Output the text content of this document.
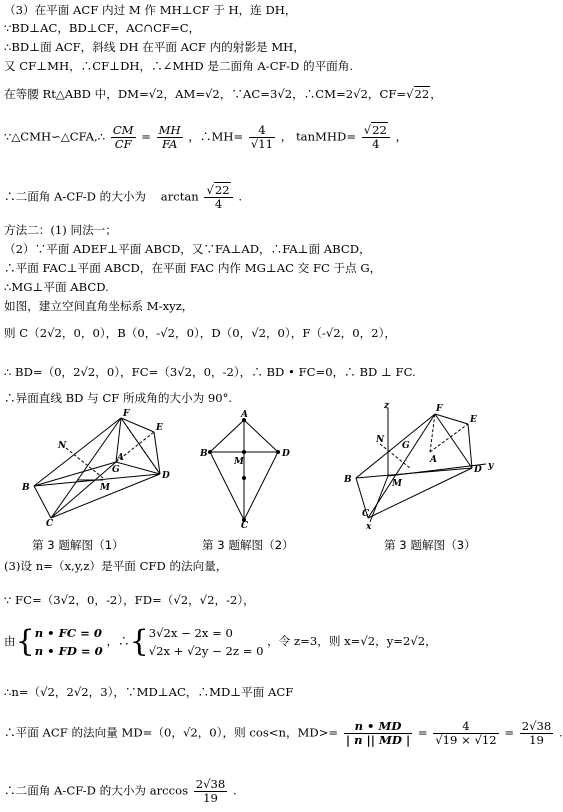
（3）在平面 ACF 内过 M 作 MH⊥CF 于 H，连 DH，
∵BD⊥AC，BD⊥CF，AC∩CF=C，
∴BD⊥面 ACF，斜线 DH 在平面 ACF 内的射影是 MH，
又 CF⊥MH，∴CF⊥DH，∴∠MHD 是二面角 A-CF-D 的平面角.
在等腰 Rt△ABD 中，DM=√2，AM=√2，∵AC=3√2，∴CM=2√2，CF=√22，
∵△CMH∽△CFA,∴ $\frac{CM}{CF} = \frac{MH}{FA}$ ，∴MH= $\frac{4}{√11}$ ， tanMHD= $\frac{√22}{4}$ ，
∴二面角 A-CF-D 的大小为 $\arctan \frac{√22}{4}$ .
方法二：(1) 同法一；
（2）∵平面 ADEF⊥平面 ABCD，又∵FA⊥AD，∴FA⊥面 ABCD，
∴平面 FAC⊥平面 ABCD，在平面 FAC 内作 MG⊥AC 交 FC 于点 G，
∴MG⊥平面 ABCD.
如图，建立空间直角坐标系 M-xyz，
则 C（2√2，0，0），B（0，-√2，0），D（0，√2，0），F（-√2，0，2），
∴ BD=（0，2√2，0），FC=（3√2，0，-2），∴ BD • FC=0，∴ BD ⊥ FC.
∴异面直线 BD 与 CF 所成角的大小为 90°.
F
E
N
A
G
M
D
B
C
A
B
M
D
C
z	F
E
N
G
A
D y
B	M
C
x
第 3 题解图（1）	第 3 题解图（2）	第 3 题解图（3）
(3)设 n=（x,y,z）是平面 CFD 的法向量，
∵ FC=（3√2，0，-2），FD=（√2，√2，-2），
由{ n • FC = 0
n • FD = 0
，∴{ 3√2x − 2x = 0
√2x + √2y − 2z = 0
，令 z=3，则 x=√2，y=2√2，
∴n=（√2，2√2，3），∵MD⊥AC，∴MD⊥平面 ACF
∴平面 ACF 的法向量 MD=（0，√2，0），则 cos<n，$MD>= \frac{n • MD}{| n || MD |} = \frac{4}{√19 \times √12} = \frac{2√38}{19}$ .
∴二面角 A-CF-D 的大小为 $\arccos \frac{2√38}{19}$ .
